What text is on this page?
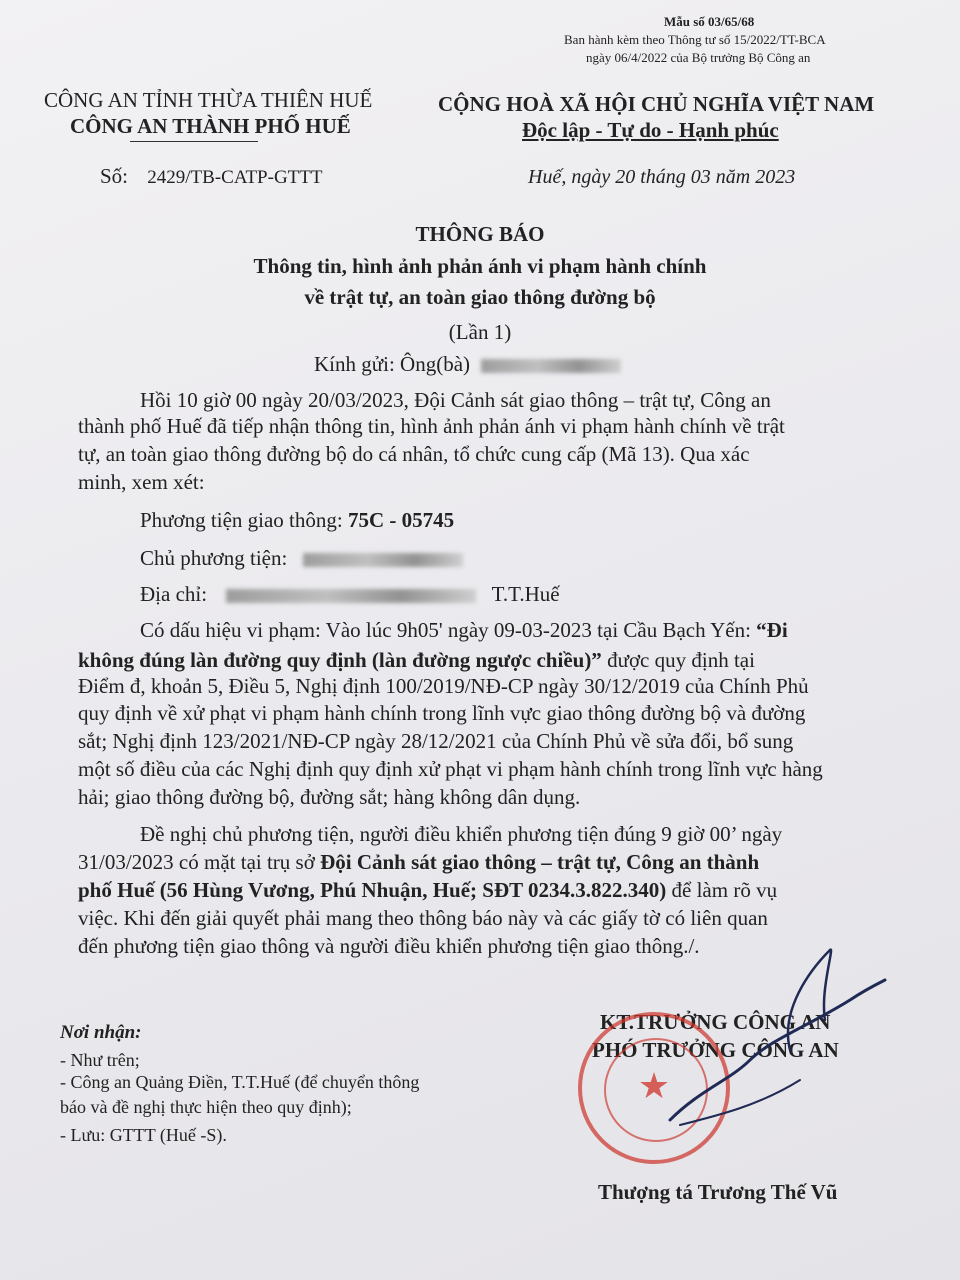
Mẫu số 03/65/68
Ban hành kèm theo Thông tư số 15/2022/TT-BCA
ngày 06/4/2022 của Bộ trưởng Bộ Công an
CÔNG AN TỈNH THỪA THIÊN HUẾ
CÔNG AN THÀNH PHỐ HUẾ
Số: 2429/TB-CATP-GTTT
CỘNG HOÀ XÃ HỘI CHỦ NGHĨA VIỆT NAM
Độc lập - Tự do - Hạnh phúc
Huế, ngày 20 tháng 03 năm 2023
THÔNG BÁO
Thông tin, hình ảnh phản ánh vi phạm hành chính
về trật tự, an toàn giao thông đường bộ
(Lần 1)
Kính gửi: Ông(bà)
Hồi 10 giờ 00 ngày 20/03/2023, Đội Cảnh sát giao thông – trật tự, Công an
thành phố Huế đã tiếp nhận thông tin, hình ảnh phản ánh vi phạm hành chính về trật
tự, an toàn giao thông đường bộ do cá nhân, tổ chức cung cấp (Mã 13). Qua xác
minh, xem xét:
Phương tiện giao thông: 75C - 05745
Chủ phương tiện:
Địa chỉ:	T.T.Huế
Có dấu hiệu vi phạm: Vào lúc 9h05' ngày 09-03-2023 tại Cầu Bạch Yến: “Đi
không đúng làn đường quy định (làn đường ngược chiều)” được quy định tại
Điểm đ, khoản 5, Điều 5, Nghị định 100/2019/NĐ-CP ngày 30/12/2019 của Chính Phủ
quy định về xử phạt vi phạm hành chính trong lĩnh vực giao thông đường bộ và đường
sắt; Nghị định 123/2021/NĐ-CP ngày 28/12/2021 của Chính Phủ về sửa đổi, bổ sung
một số điều của các Nghị định quy định xử phạt vi phạm hành chính trong lĩnh vực hàng
hải; giao thông đường bộ, đường sắt; hàng không dân dụng.
Đề nghị chủ phương tiện, người điều khiển phương tiện đúng 9 giờ 00’ ngày
31/03/2023 có mặt tại trụ sở Đội Cảnh sát giao thông – trật tự, Công an thành
phố Huế (56 Hùng Vương, Phú Nhuận, Huế; SĐT 0234.3.822.340) để làm rõ vụ
việc. Khi đến giải quyết phải mang theo thông báo này và các giấy tờ có liên quan
đến phương tiện giao thông và người điều khiển phương tiện giao thông./.
Nơi nhận:
- Như trên;
- Công an Quảng Điền, T.T.Huế (để chuyển thông
báo và đề nghị thực hiện theo quy định);
- Lưu: GTTT (Huế -S).
KT.TRƯỞNG CÔNG AN
PHÓ TRƯỞNG CÔNG AN
★
Thượng tá Trương Thế Vũ
